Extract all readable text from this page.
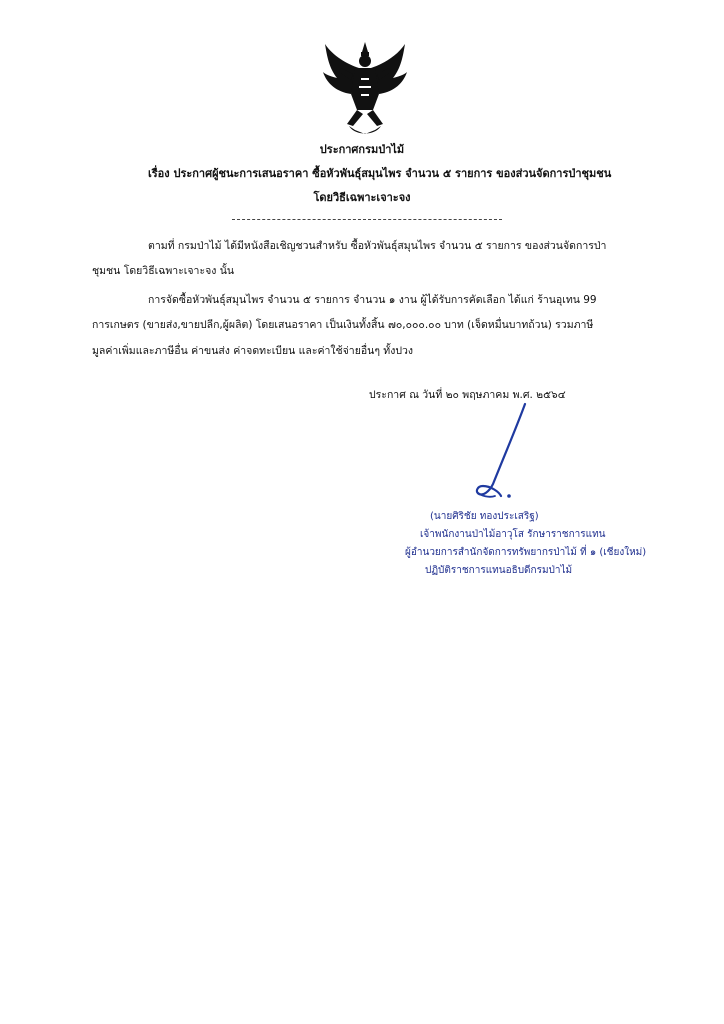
ประกาศกรมป่าไม้
เรื่อง ประกาศผู้ชนะการเสนอราคา ซื้อหัวพันธุ์สมุนไพร จำนวน ๕ รายการ ของส่วนจัดการป่าชุมชน
โดยวิธีเฉพาะเจาะจง
ตามที่ กรมป่าไม้ ได้มีหนังสือเชิญชวนสำหรับ ซื้อหัวพันธุ์สมุนไพร จำนวน ๕ รายการ ของส่วนจัดการป่า
ชุมชน โดยวิธีเฉพาะเจาะจง นั้น
การจัดซื้อหัวพันธุ์สมุนไพร จำนวน ๕ รายการ จำนวน ๑ งาน ผู้ได้รับการคัดเลือก ได้แก่ ร้านอุเทน 99
การเกษตร (ขายส่ง,ขายปลีก,ผู้ผลิต) โดยเสนอราคา เป็นเงินทั้งสิ้น ๗๐,๐๐๐.๐๐ บาท (เจ็ดหมื่นบาทถ้วน) รวมภาษี
มูลค่าเพิ่มและภาษีอื่น ค่าขนส่ง ค่าจดทะเบียน และค่าใช้จ่ายอื่นๆ ทั้งปวง
ประกาศ ณ วันที่ ๒๐ พฤษภาคม พ.ศ. ๒๕๖๔
(นายศิริชัย ทองประเสริฐ)
เจ้าพนักงานป่าไม้อาวุโส รักษาราชการแทน
ผู้อำนวยการสำนักจัดการทรัพยากรป่าไม้ ที่ ๑ (เชียงใหม่)
ปฏิบัติราชการแทนอธิบดีกรมป่าไม้
